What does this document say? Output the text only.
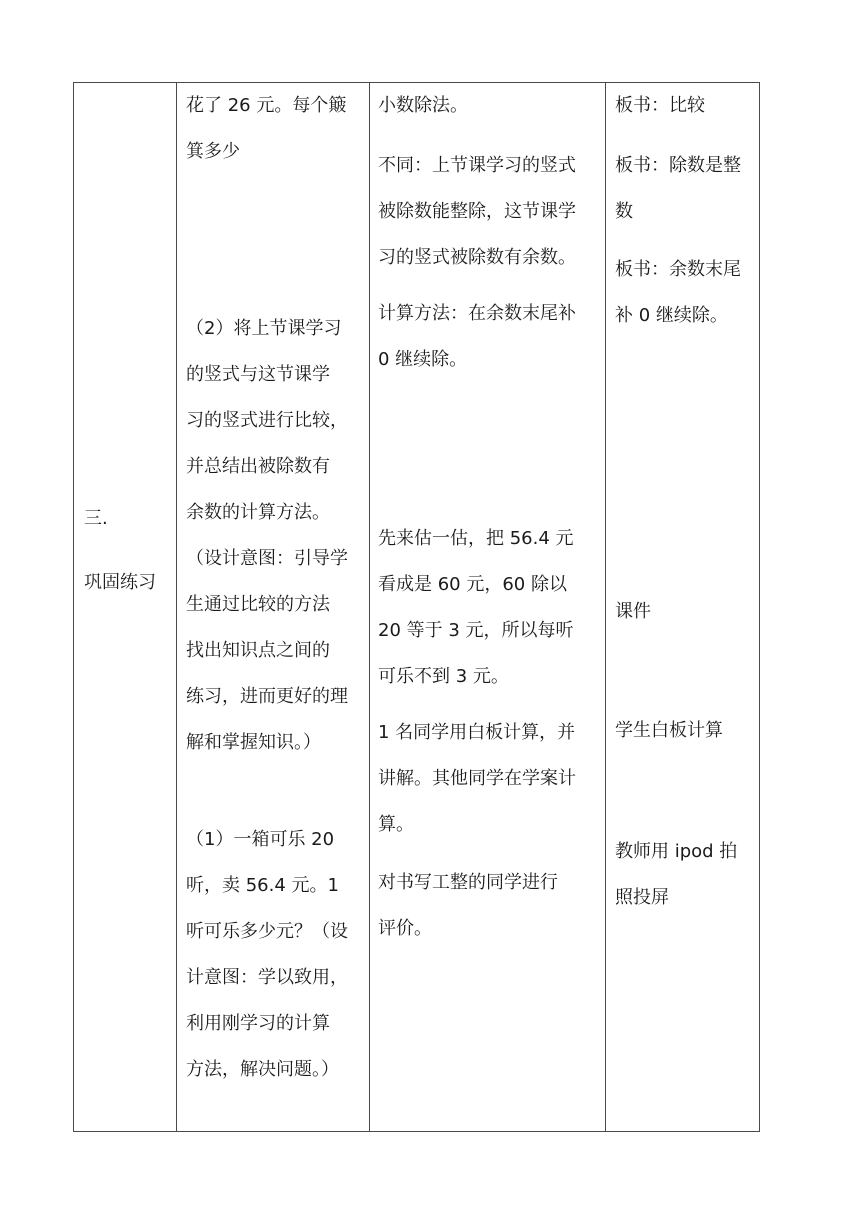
三.

巩固练习

花了 26 元。每个簸

箕多少

（2）将上节课学习

的竖式与这节课学

习的竖式进行比较，

并总结出被除数有

余数的计算方法。

（设计意图：引导学

生通过比较的方法

找出知识点之间的

练习，进而更好的理

解和掌握知识。）

（1）一箱可乐 20

听，卖 56.4 元。1

听可乐多少元？（设

计意图：学以致用，

利用刚学习的计算

方法，解决问题。）

小数除法。

不同：上节课学习的竖式

被除数能整除，这节课学

习的竖式被除数有余数。

计算方法：在余数末尾补

0 继续除。

先来估一估，把 56.4 元

看成是 60 元，60 除以

20 等于 3 元，所以每听

可乐不到 3 元。

1 名同学用白板计算，并

讲解。其他同学在学案计

算。

对书写工整的同学进行

评价。

板书：比较

板书：除数是整

数

板书：余数末尾

补 0 继续除。

课件

学生白板计算

教师用 ipod 拍

照投屏
